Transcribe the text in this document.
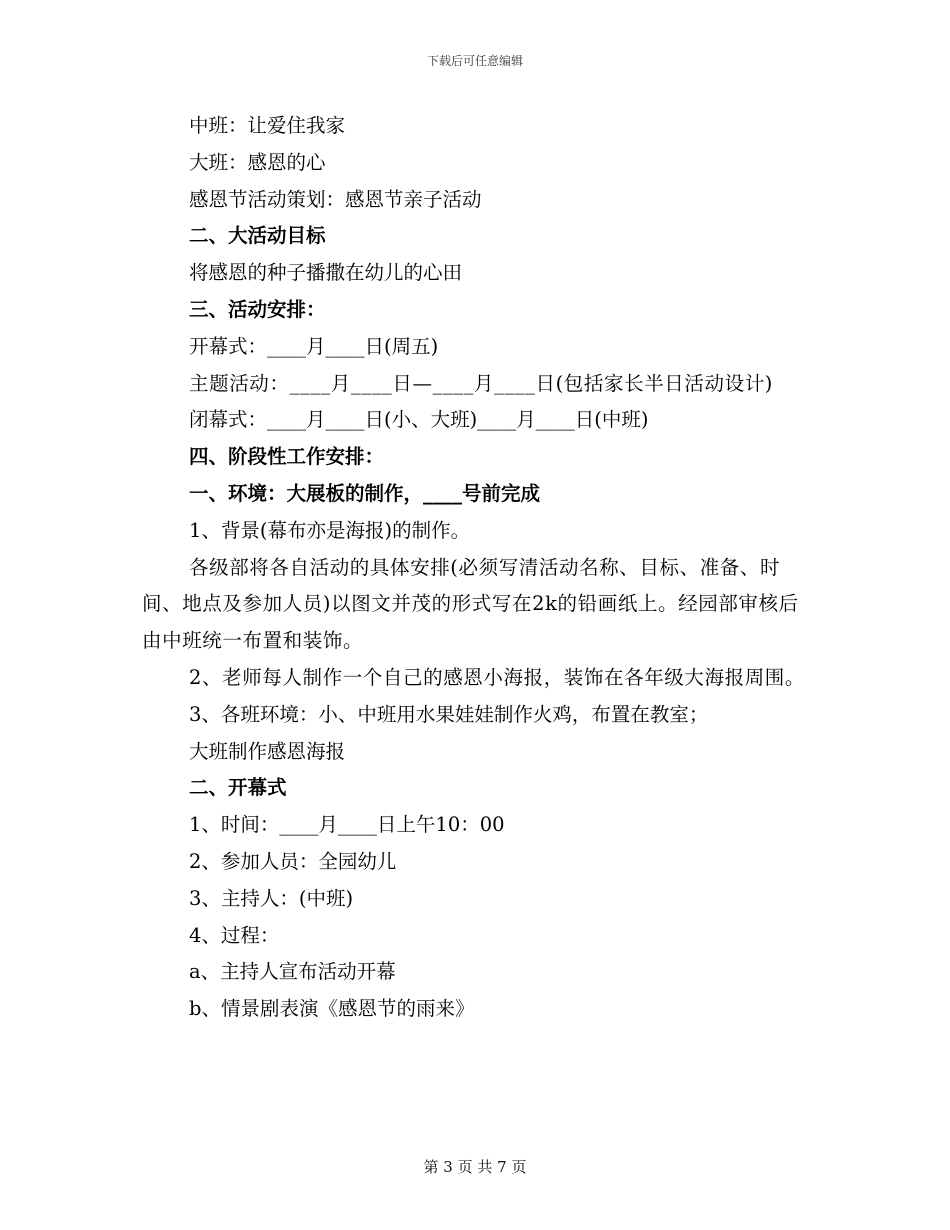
下载后可任意编辑

中班：让爱住我家

大班：感恩的心

感恩节活动策划：感恩节亲子活动

二、大活动目标

将感恩的种子播撒在幼儿的心田

三、活动安排：

开幕式：____月____日(周五)

主题活动：____月____日—____月____日(包括家长半日活动设计)

闭幕式：____月____日(小、大班)____月____日(中班)

四、阶段性工作安排：

一、环境：大展板的制作，____号前完成

1、背景(幕布亦是海报)的制作。

各级部将各自活动的具体安排(必须写清活动名称、目标、准备、时间、地点及参加人员)以图文并茂的形式写在2k的铅画纸上。经园部审核后由中班统一布置和装饰。

2、老师每人制作一个自己的感恩小海报，装饰在各年级大海报周围。

3、各班环境：小、中班用水果娃娃制作火鸡，布置在教室；

大班制作感恩海报

二、开幕式

1、时间：____月____日上午10：00

2、参加人员：全园幼儿

3、主持人：(中班)

4、过程：

a、主持人宣布活动开幕

b、情景剧表演《感恩节的雨来》

第 3 页 共 7 页
